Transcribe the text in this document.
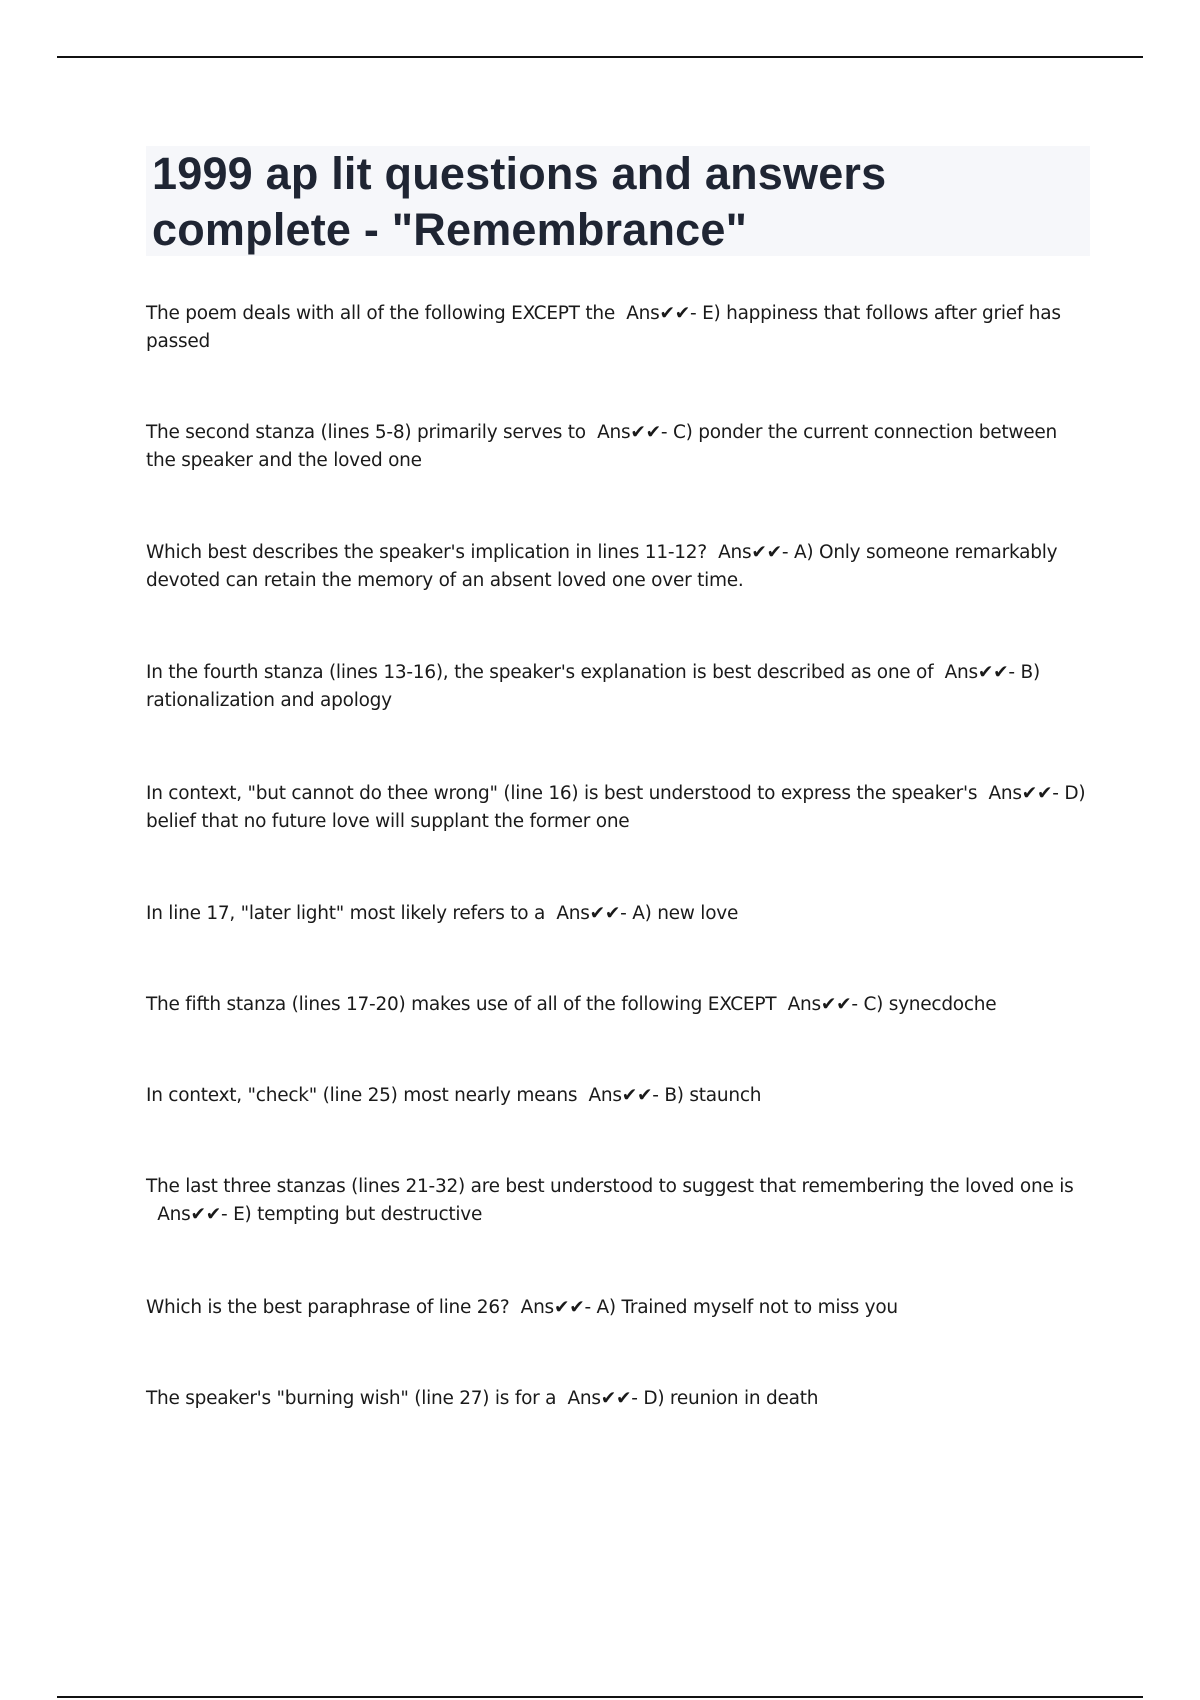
1999 ap lit questions and answers complete - "Remembrance"
The poem deals with all of the following EXCEPT the Ans✔✔- E) happiness that follows after grief has passed
The second stanza (lines 5-8) primarily serves to Ans✔✔- C) ponder the current connection between the speaker and the loved one
Which best describes the speaker's implication in lines 11-12? Ans✔✔- A) Only someone remarkably devoted can retain the memory of an absent loved one over time.
In the fourth stanza (lines 13-16), the speaker's explanation is best described as one of Ans✔✔- B) rationalization and apology
In context, "but cannot do thee wrong" (line 16) is best understood to express the speaker's Ans✔✔- D) belief that no future love will supplant the former one
In line 17, "later light" most likely refers to a Ans✔✔- A) new love
The fifth stanza (lines 17-20) makes use of all of the following EXCEPT Ans✔✔- C) synecdoche
In context, "check" (line 25) most nearly means Ans✔✔- B) staunch
The last three stanzas (lines 21-32) are best understood to suggest that remembering the loved one is  Ans✔✔- E) tempting but destructive
Which is the best paraphrase of line 26? Ans✔✔- A) Trained myself not to miss you
The speaker's "burning wish" (line 27) is for a Ans✔✔- D) reunion in death
